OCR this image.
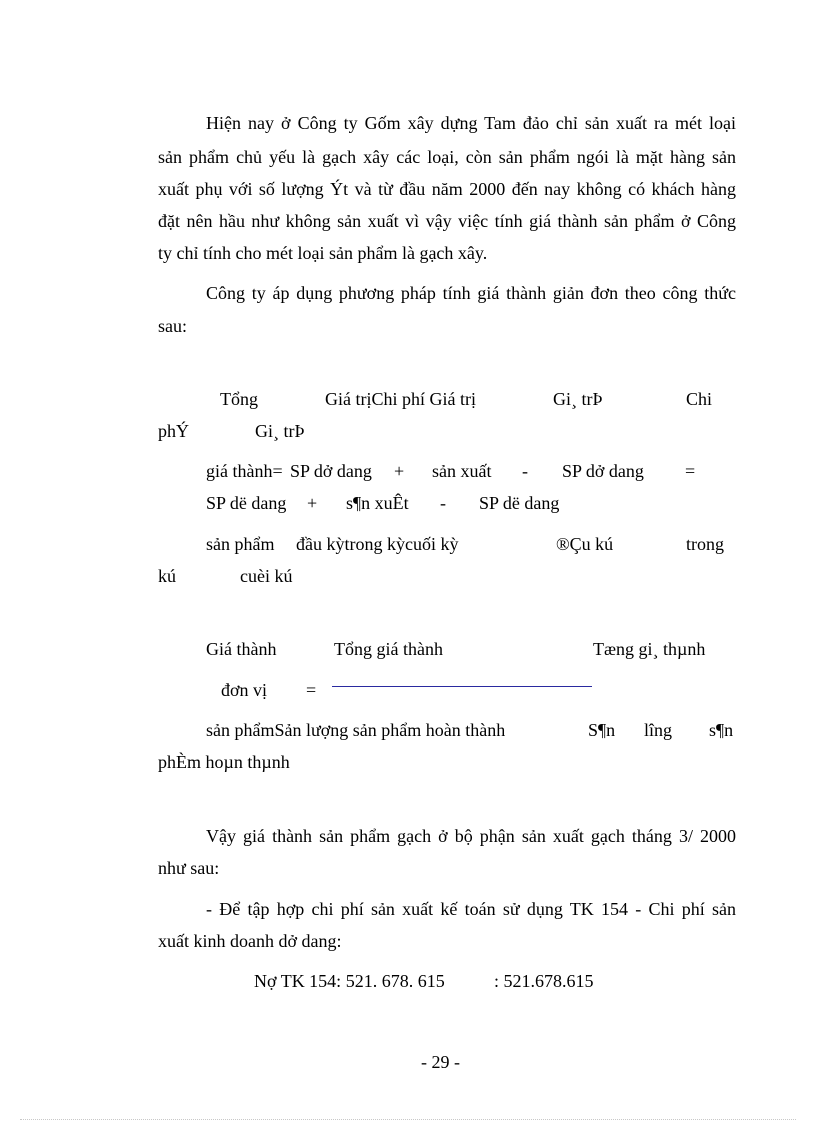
Hiện nay ở Công ty Gốm xây dựng Tam đảo chỉ sản xuất ra mét loại
sản phẩm chủ yếu là gạch xây các loại, còn sản phẩm ngói là mặt hàng sản
xuất phụ với số lượng Ýt và từ đầu năm 2000 đến nay không có khách hàng
đặt nên hầu như không sản xuất vì vậy việc tính giá thành sản phẩm ở Công
ty chỉ tính cho mét loại sản phẩm là gạch xây.
Công ty áp dụng phương pháp tính giá thành giản đơn theo công thức
sau:
Tổng	Giá trịChi phí Giá trị	Gi¸ trÞ	Chi
phÝ	Gi¸ trÞ
giá thành= SP dở dang + sản xuất - SP dở dang =
SP dë dang + s¶n xuÊt - SP dë dang
sản phẩm đầu kỳtrong kỳcuối kỳ	®Çu kú	trong
kú	cuèi kú
Giá thành	Tổng giá thành	Tæng gi¸ thµnh
đơn vị =
sản phẩmSản lượng sản phẩm hoàn thành	S¶n lîng s¶n
phÈm hoµn thµnh
Vậy giá thành sản phẩm gạch ở bộ phận sản xuất gạch tháng 3/ 2000
như sau:
- Để tập hợp chi phí sản xuất kế toán sử dụng TK 154 - Chi phí sản
xuất kinh doanh dở dang:
Nợ TK 154: 521. 678. 615	: 521.678.615
- 29 -
